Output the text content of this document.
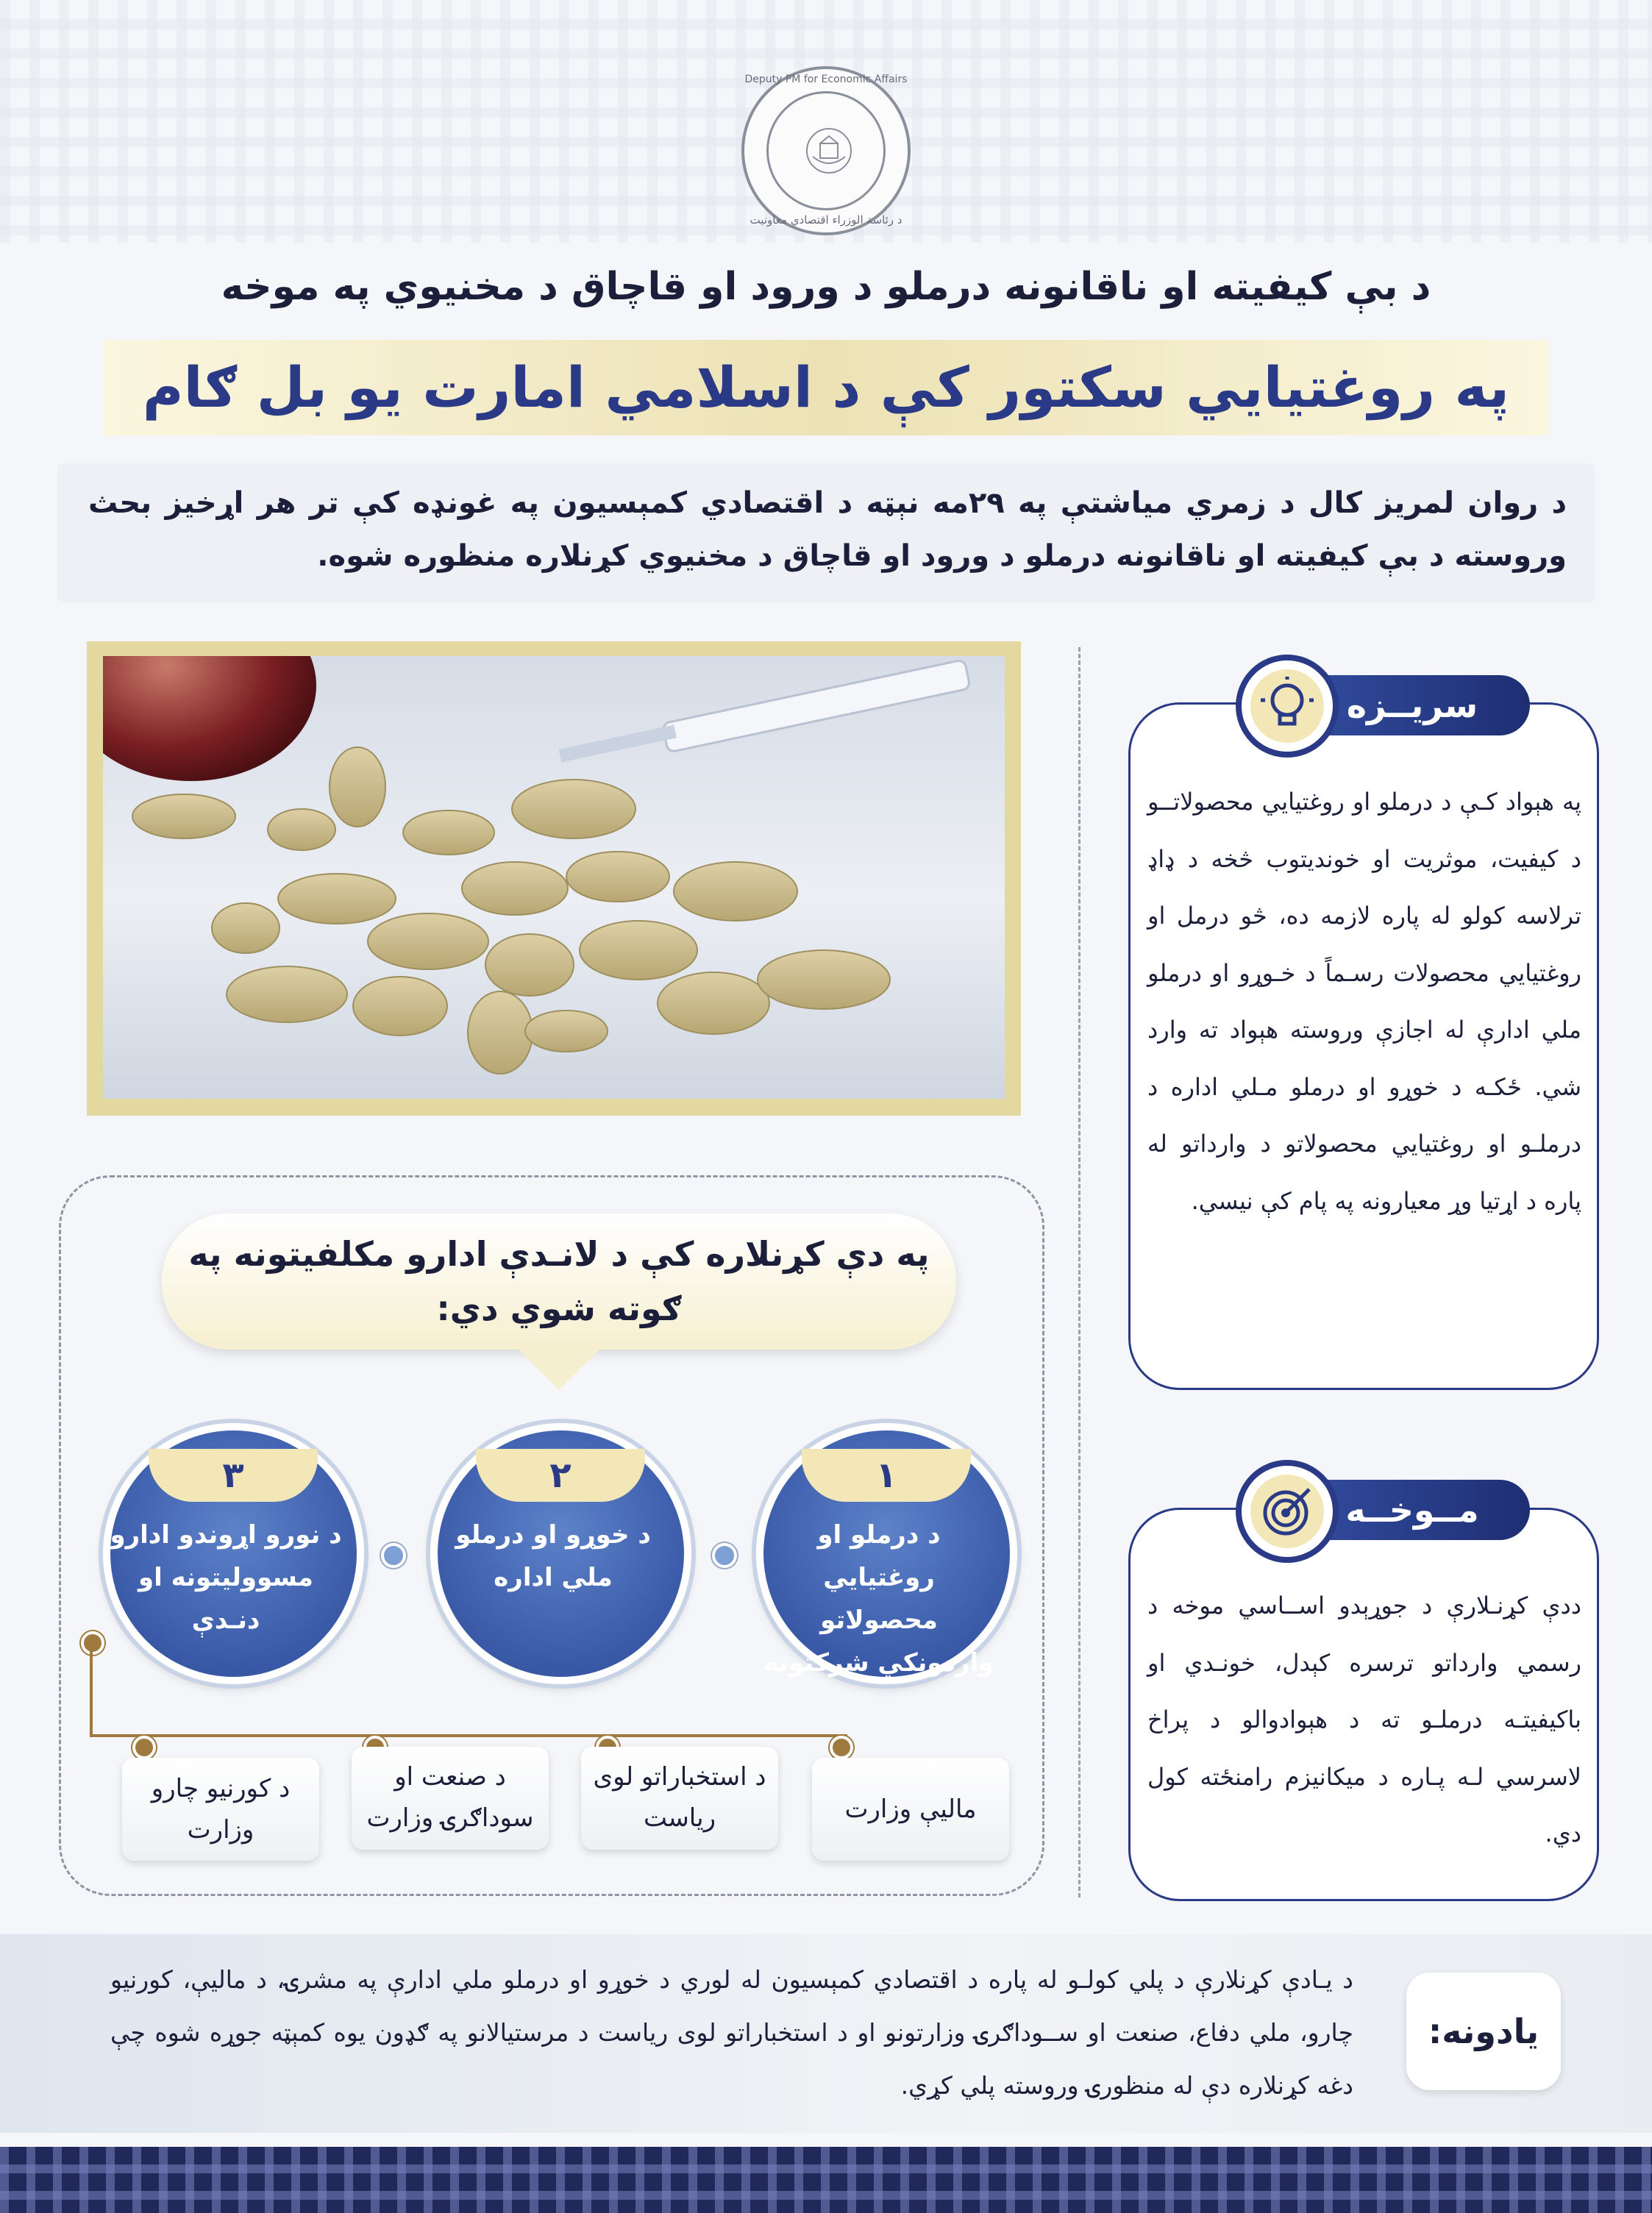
Deputy PM for Economic Affairs
د رئاسة الوزراء اقتصادي معاونيت
د بې کیفیته او ناقانونه درملو د ورود او قاچاق د مخنیوي په موخه
په روغتیايي سکتور کې د اسلامي امارت یو بل ګام
د روان لمریز کال د زمري میاشتې په ۲۹مه نېټه د اقتصادي کمېسیون په غونډه کې تر هر اړخیز بحث وروسته د بې کیفیته او ناقانونه درملو د ورود او قاچاق د مخنیوي کړنلاره منظوره شوه.
په دې کړنلاره کې د لانـدې ادارو مکلفیتونه په ګوته شوي دي:
۱
د درملو او روغتیایي محصولاتو واردونکي شرکتونه
۲
د خوړو او درملو ملي اداره
۳
د نورو اړوندو ادارو مسوولیتونه او دنـدې
ماليې وزارت
د استخباراتو لوی ریاست
د صنعت او سوداګرۍ وزارت
د کورنيو چارو وزارت
سریــزه
په هېواد کـې د درملو او روغتیایي محصولاتــو د کیفیت، موثریت او خوندیتوب څخه د ډاډ ترلاسه کولو له پاره لازمه ده، څو درمل او روغتیایي محصولات رسـماً د خـوړو او درملو ملي ادارې له اجازې وروسته هېواد ته وارد شي. ځکـه د خوړو او درملو مـلي اداره د درملـو او روغتیایي محصولاتو د وارداتو له پاره د اړتیا وړ معیارونه په پام کې نیسي.
مــوخــه
ددې کړنـلارې د جوړېدو اســاسي موخه د رسمي وارداتو ترسره کېدل، خونـدي او باکیفیتـه درملـو ته د هېوادوالو د پراخ لاسرسي لـه پـاره د میکانیزم رامنځته کول دي.
یادونه:
د یـادې کړنلارې د پلي کولـو له پاره د اقتصادي کمېسیون له لوري د خوړو او درملو ملي ادارې په مشرۍ، د ماليې، کورنيو چارو، ملي دفاع، صنعت او ســوداګرۍ وزارتونو او د استخباراتو لوی ریاست د مرستیالانو په ګډون یوه کمېټه جوړه شوه چې دغه کړنلاره دې له منظورۍ وروسته پلي کړي.
